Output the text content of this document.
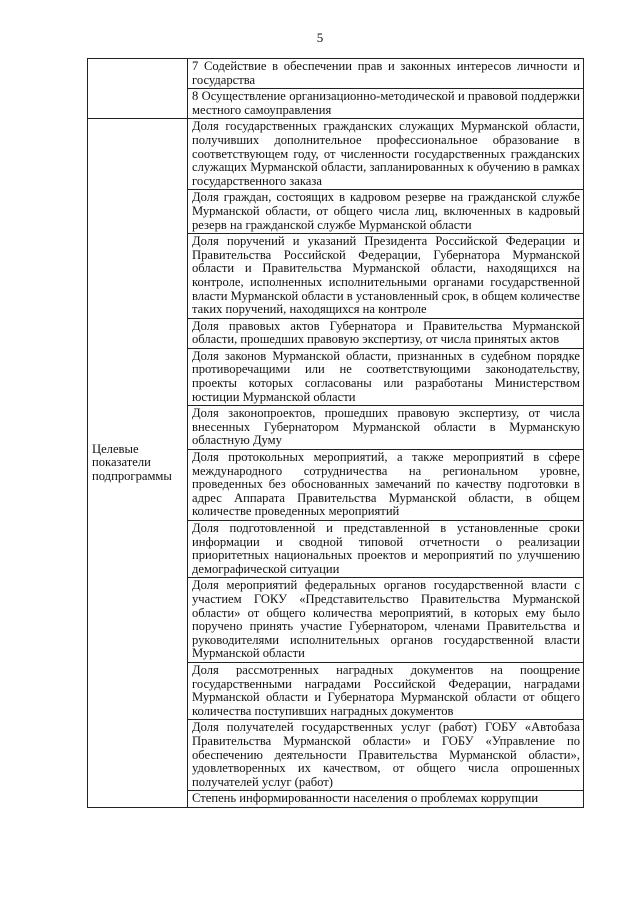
5
	7 Содействие в обеспечении прав и законных интересов личности и государства
	8 Осуществление организационно-методической и правовой поддержки местного самоуправления
Целевые показатели подпрограммы	Доля государственных гражданских служащих Мурманской области, получивших дополнительное профессиональное образование в соответствующем году, от численности государственных гражданских служащих Мурманской области, запланированных к обучению в рамках государственного заказа
	Доля граждан, состоящих в кадровом резерве на гражданской службе Мурманской области, от общего числа лиц, включенных в кадровый резерв на гражданской службе Мурманской области
	Доля поручений и указаний Президента Российской Федерации и Правительства Российской Федерации, Губернатора Мурманской области и Правительства Мурманской области, находящихся на контроле, исполненных исполнительными органами государственной власти Мурманской области в установленный срок, в общем количестве таких поручений, находящихся на контроле
	Доля правовых актов Губернатора и Правительства Мурманской области, прошедших правовую экспертизу, от числа принятых актов
	Доля законов Мурманской области, признанных в судебном порядке противоречащими или не соответствующими законодательству, проекты которых согласованы или разработаны Министерством юстиции Мурманской области
	Доля законопроектов, прошедших правовую экспертизу, от числа внесенных Губернатором Мурманской области в Мурманскую областную Думу
	Доля протокольных мероприятий, а также мероприятий в сфере международного сотрудничества на региональном уровне, проведенных без обоснованных замечаний по качеству подготовки в адрес Аппарата Правительства Мурманской области, в общем количестве проведенных мероприятий
	Доля подготовленной и представленной в установленные сроки информации и сводной типовой отчетности о реализации приоритетных национальных проектов и мероприятий по улучшению демографической ситуации
	Доля мероприятий федеральных органов государственной власти с участием ГОКУ «Представительство Правительства Мурманской области» от общего количества мероприятий, в которых ему было поручено принять участие Губернатором, членами Правительства и руководителями исполнительных органов государственной власти Мурманской области
	Доля рассмотренных наградных документов на поощрение государственными наградами Российской Федерации, наградами Мурманской области и Губернатора Мурманской области от общего количества поступивших наградных документов
	Доля получателей государственных услуг (работ) ГОБУ «Автобаза Правительства Мурманской области» и ГОБУ «Управление по обеспечению деятельности Правительства Мурманской области», удовлетворенных их качеством, от общего числа опрошенных получателей услуг (работ)
	Степень информированности населения о проблемах коррупции
